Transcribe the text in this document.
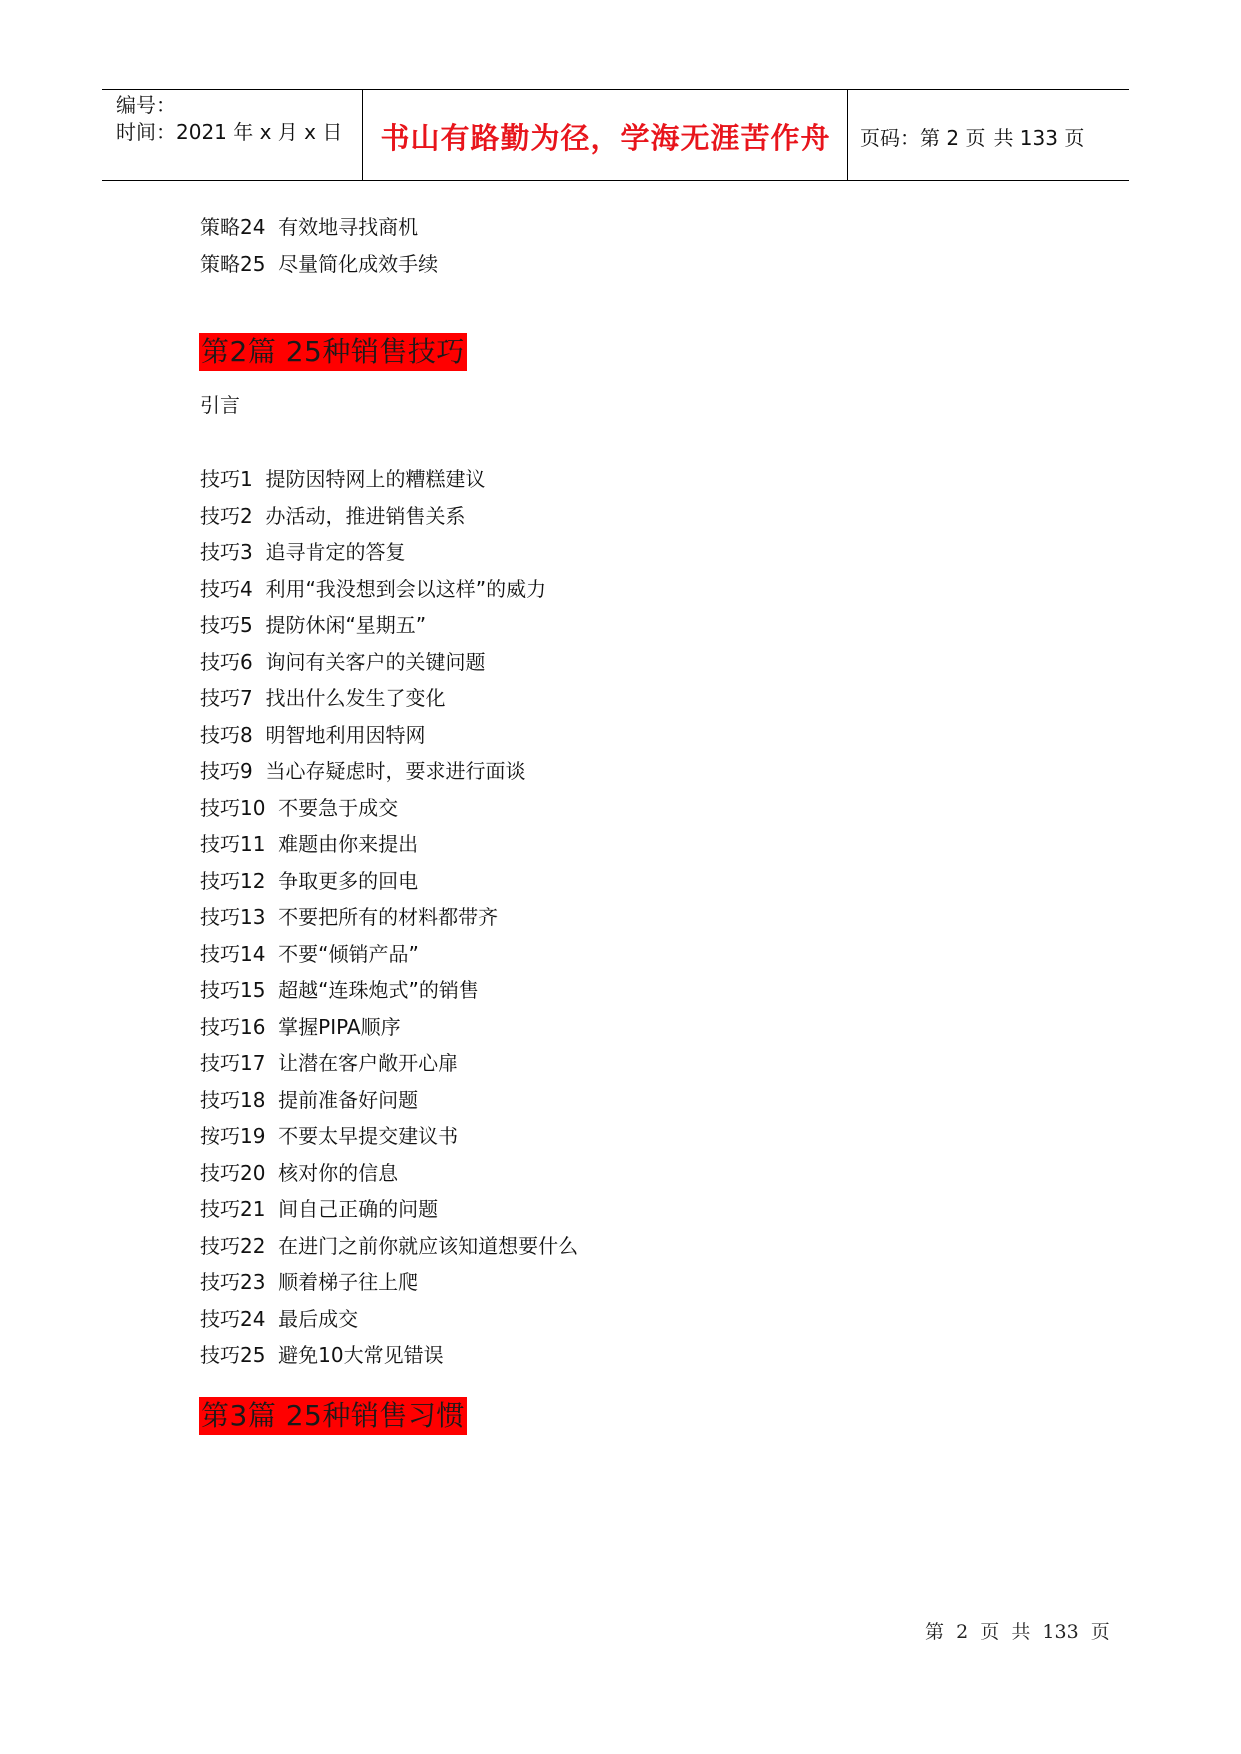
编号：
时间：2021 年 x 月 x 日	书山有路勤为径，学海无涯苦作舟	页码：第 2 页 共 133 页
策略24  有效地寻找商机
策略25  尽量简化成效手续
第2篇 25种销售技巧
引言
技巧1  提防因特网上的糟糕建议
技巧2  办活动，推进销售关系
技巧3  追寻肯定的答复
技巧4  利用“我没想到会以这样”的威力
技巧5  提防休闲“星期五”
技巧6  询问有关客户的关键问题
技巧7  找出什么发生了变化
技巧8  明智地利用因特网
技巧9  当心存疑虑时，要求进行面谈
技巧10  不要急于成交
技巧11  难题由你来提出
技巧12  争取更多的回电
技巧13  不要把所有的材料都带齐
技巧14  不要“倾销产品”
技巧15  超越“连珠炮式”的销售
技巧16  掌握PIPA顺序
技巧17  让潜在客户敞开心扉
技巧18  提前准备好问题
按巧19  不要太早提交建议书
技巧20  核对你的信息
技巧21  间自己正确的问题
技巧22  在进门之前你就应该知道想要什么
技巧23  顺着梯子往上爬
技巧24  最后成交
技巧25  避免10大常见错误
第3篇 25种销售习惯
第  2  页  共  133  页
